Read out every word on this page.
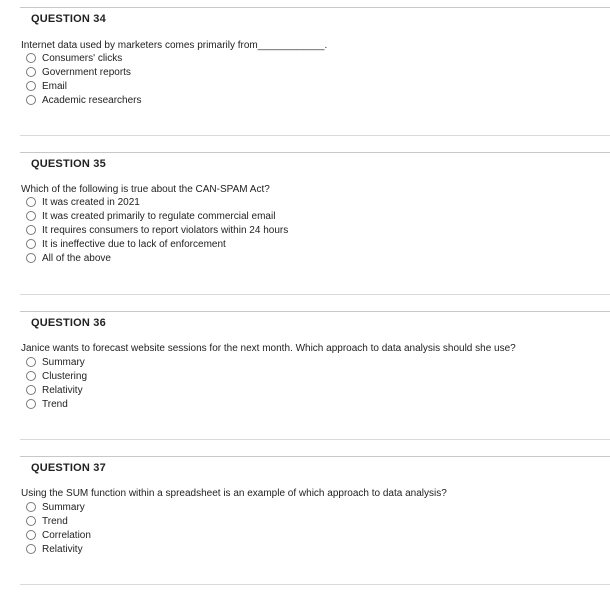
QUESTION 34
Internet data used by marketers comes primarily from____________.
Consumers' clicks
Government reports
Email
Academic researchers
QUESTION 35
Which of the following is true about the CAN-SPAM Act?
It was created in 2021
It was created primarily to regulate commercial email
It requires consumers to report violators within 24 hours
It is ineffective due to lack of enforcement
All of the above
QUESTION 36
Janice wants to forecast website sessions for the next month. Which approach to data analysis should she use?
Summary
Clustering
Relativity
Trend
QUESTION 37
Using the SUM function within a spreadsheet is an example of which approach to data analysis?
Summary
Trend
Correlation
Relativity
